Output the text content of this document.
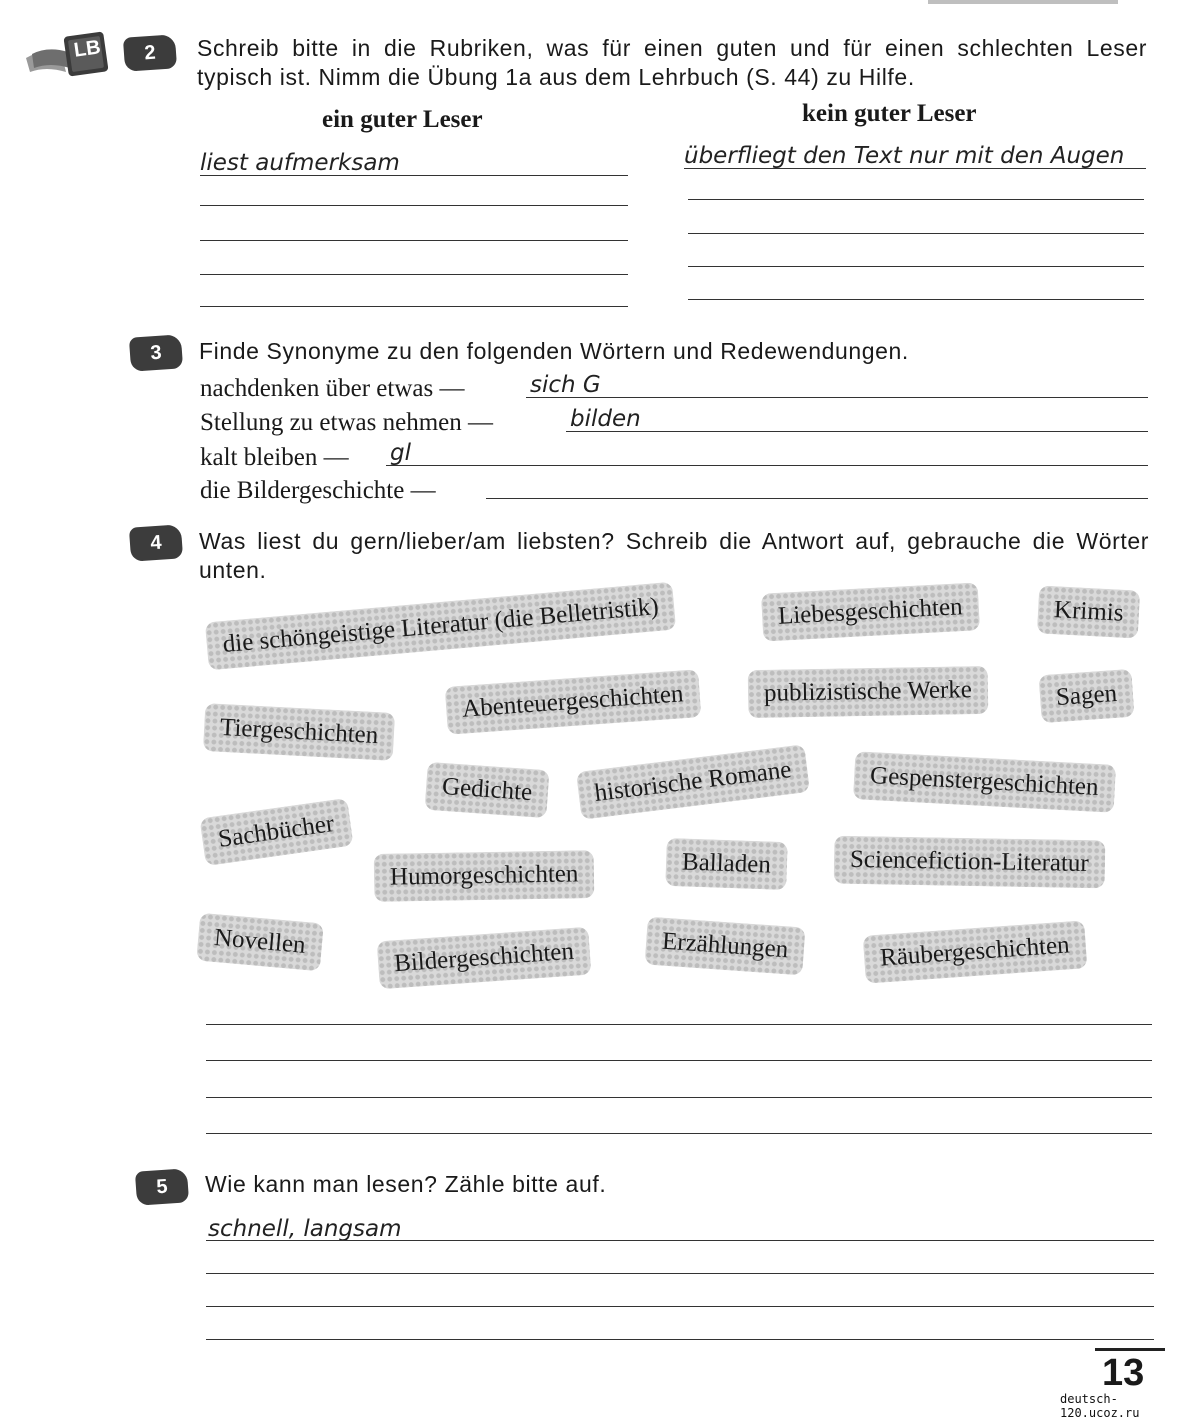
LB	2	Schreib bitte in die Rubriken, was für einen guten und für einen schlechten Leser typisch ist. Nimm die Übung 1a aus dem Lehrbuch (S. 44) zu Hilfe.
ein guter Leser	kein guter Leser
liest aufmerksam	überfliegt den Text nur mit den Augen
3	Finde Synonyme zu den folgenden Wörtern und Redewendungen.
nachdenken über etwas —	sich G
Stellung zu etwas nehmen —	bilden
kalt bleiben — gl
die Bildergeschichte —
4	Was liest du gern/lieber/am liebsten? Schreib die Antwort auf, gebrauche die Wörter unten.
die schöngeistige Literatur (die Belletristik)	Liebesgeschichten	Krimis
Tiergeschichten
Abenteuergeschichten	publizistische Werke	Sagen
Sachbücher
Gedichte	historische Romane	Gespenstergeschichten
Humorgeschichten	Balladen	Sciencefiction-Literatur
Novellen	Bildergeschichten	Erzählungen	Räubergeschichten
5	Wie kann man lesen? Zähle bitte auf.
schnell, langsam
13
deutsch-120.ucoz.ru
